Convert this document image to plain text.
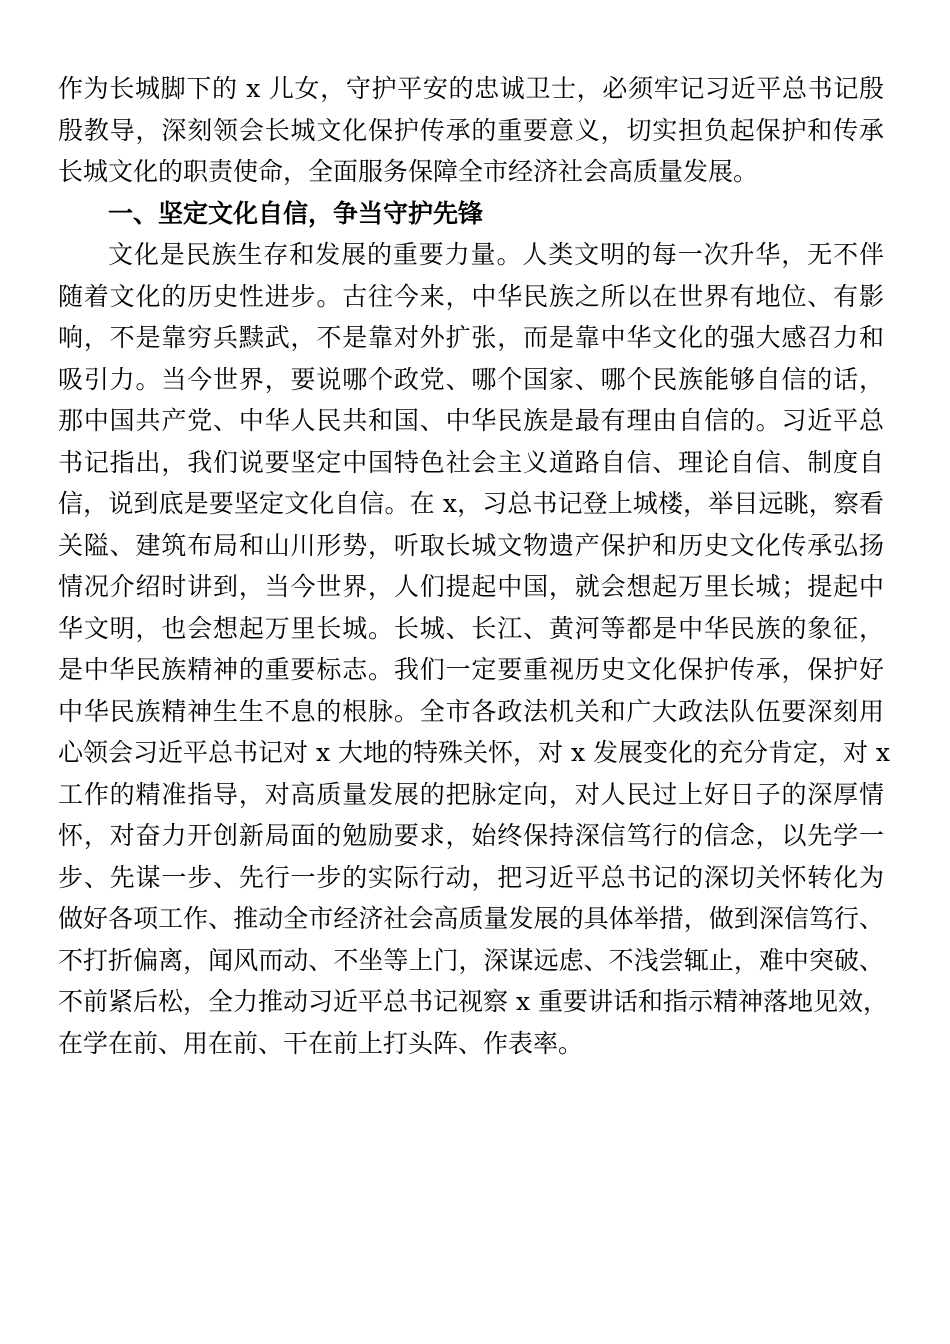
作为长城脚下的 x 儿女，守护平安的忠诚卫士，必须牢记习近平总书记殷
殷教导，深刻领会长城文化保护传承的重要意义，切实担负起保护和传承
长城文化的职责使命，全面服务保障全市经济社会高质量发展。
一、坚定文化自信，争当守护先锋
文化是民族生存和发展的重要力量。人类文明的每一次升华，无不伴
随着文化的历史性进步。古往今来，中华民族之所以在世界有地位、有影
响，不是靠穷兵黩武，不是靠对外扩张，而是靠中华文化的强大感召力和
吸引力。当今世界，要说哪个政党、哪个国家、哪个民族能够自信的话，
那中国共产党、中华人民共和国、中华民族是最有理由自信的。习近平总
书记指出，我们说要坚定中国特色社会主义道路自信、理论自信、制度自
信，说到底是要坚定文化自信。在 x，习总书记登上城楼，举目远眺，察看
关隘、建筑布局和山川形势，听取长城文物遗产保护和历史文化传承弘扬
情况介绍时讲到，当今世界，人们提起中国，就会想起万里长城；提起中
华文明，也会想起万里长城。长城、长江、黄河等都是中华民族的象征，
是中华民族精神的重要标志。我们一定要重视历史文化保护传承，保护好
中华民族精神生生不息的根脉。全市各政法机关和广大政法队伍要深刻用
心领会习近平总书记对 x 大地的特殊关怀，对 x 发展变化的充分肯定，对 x
工作的精准指导，对高质量发展的把脉定向，对人民过上好日子的深厚情
怀，对奋力开创新局面的勉励要求，始终保持深信笃行的信念，以先学一
步、先谋一步、先行一步的实际行动，把习近平总书记的深切关怀转化为
做好各项工作、推动全市经济社会高质量发展的具体举措，做到深信笃行、
不打折偏离，闻风而动、不坐等上门，深谋远虑、不浅尝辄止，难中突破、
不前紧后松，全力推动习近平总书记视察 x 重要讲话和指示精神落地见效，
在学在前、用在前、干在前上打头阵、作表率。
